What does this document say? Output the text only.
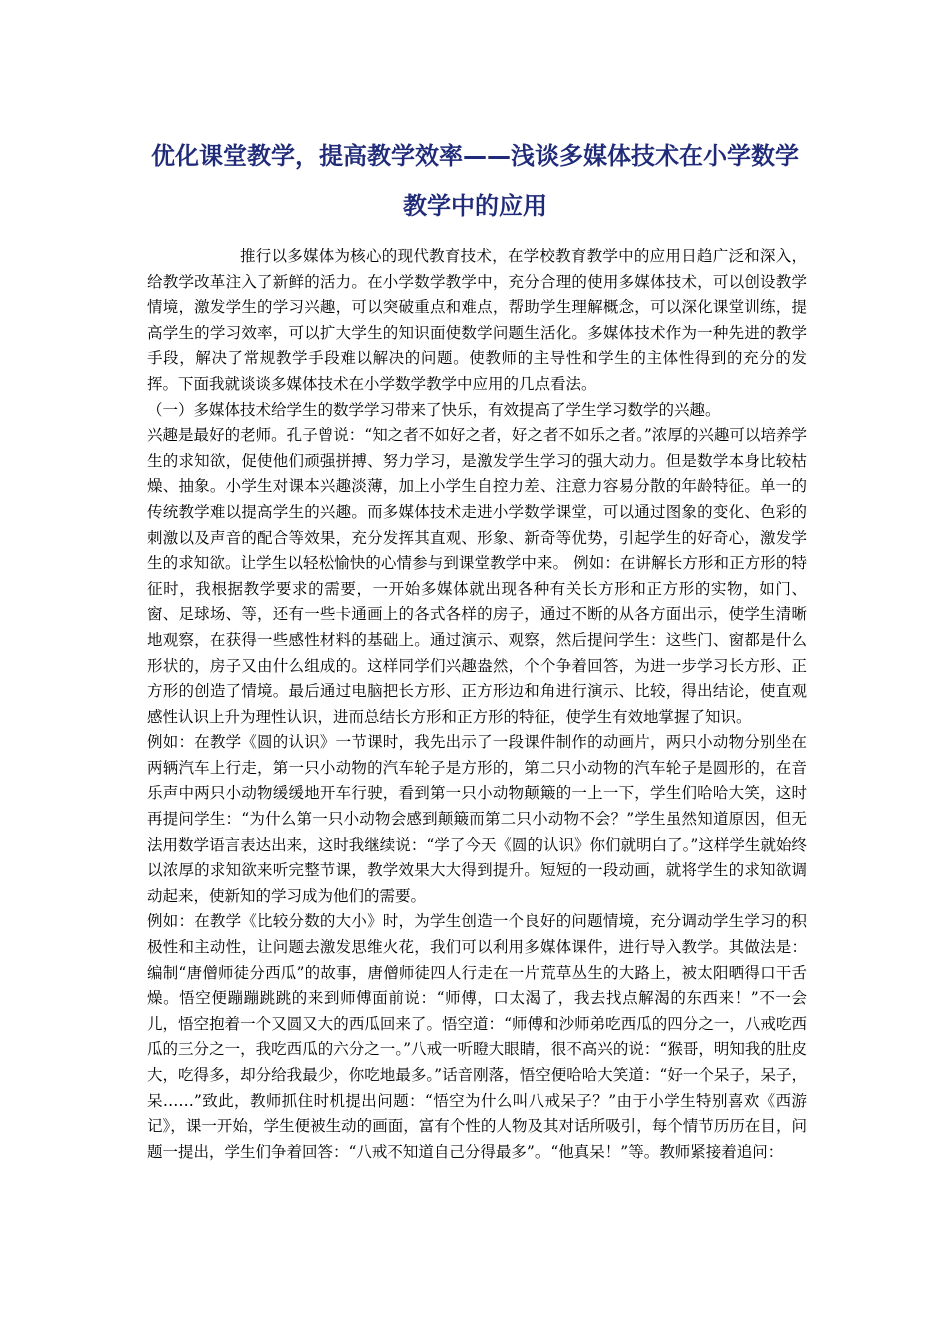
优化课堂教学，提高教学效率——浅谈多媒体技术在小学数学
教学中的应用

推行以多媒体为核心的现代教育技术，在学校教育教学中的应用日趋广泛和深入，给教学改革注入了新鲜的活力。在小学数学教学中，充分合理的使用多媒体技术，可以创设教学情境，激发学生的学习兴趣，可以突破重点和难点，帮助学生理解概念，可以深化课堂训练，提高学生的学习效率，可以扩大学生的知识面使数学问题生活化。多媒体技术作为一种先进的教学手段，解决了常规教学手段难以解决的问题。使教师的主导性和学生的主体性得到的充分的发挥。下面我就谈谈多媒体技术在小学数学教学中应用的几点看法。

（一）多媒体技术给学生的数学学习带来了快乐，有效提高了学生学习数学的兴趣。

兴趣是最好的老师。孔子曾说：“知之者不如好之者，好之者不如乐之者。”浓厚的兴趣可以培养学生的求知欲，促使他们顽强拼搏、努力学习，是激发学生学习的强大动力。但是数学本身比较枯燥、抽象。小学生对课本兴趣淡薄，加上小学生自控力差、注意力容易分散的年龄特征。单一的传统教学难以提高学生的兴趣。而多媒体技术走进小学数学课堂，可以通过图象的变化、色彩的刺激以及声音的配合等效果，充分发挥其直观、形象、新奇等优势，引起学生的好奇心，激发学生的求知欲。让学生以轻松愉快的心情参与到课堂教学中来。 例如：在讲解长方形和正方形的特征时，我根据教学要求的需要，一开始多媒体就出现各种有关长方形和正方形的实物，如门、窗、足球场、等，还有一些卡通画上的各式各样的房子，通过不断的从各方面出示，使学生清晰地观察，在获得一些感性材料的基础上。通过演示、观察，然后提问学生：这些门、窗都是什么形状的，房子又由什么组成的。这样同学们兴趣盎然，个个争着回答，为进一步学习长方形、正方形的创造了情境。最后通过电脑把长方形、正方形边和角进行演示、比较，得出结论，使直观感性认识上升为理性认识，进而总结长方形和正方形的特征，使学生有效地掌握了知识。

例如：在教学《圆的认识》一节课时，我先出示了一段课件制作的动画片，两只小动物分别坐在两辆汽车上行走，第一只小动物的汽车轮子是方形的，第二只小动物的汽车轮子是圆形的，在音乐声中两只小动物缓缓地开车行驶，看到第一只小动物颠簸的一上一下，学生们哈哈大笑，这时再提问学生：“为什么第一只小动物会感到颠簸而第二只小动物不会？”学生虽然知道原因，但无法用数学语言表达出来，这时我继续说：“学了今天《圆的认识》你们就明白了。”这样学生就始终以浓厚的求知欲来听完整节课，教学效果大大得到提升。短短的一段动画，就将学生的求知欲调动起来，使新知的学习成为他们的需要。

例如：在教学《比较分数的大小》时，为学生创造一个良好的问题情境，充分调动学生学习的积极性和主动性，让问题去激发思维火花，我们可以利用多媒体课件，进行导入教学。其做法是：编制“唐僧师徒分西瓜”的故事，唐僧师徒四人行走在一片荒草丛生的大路上，被太阳晒得口干舌燥。悟空便蹦蹦跳跳的来到师傅面前说：“师傅，口太渴了，我去找点解渴的东西来！”不一会儿，悟空抱着一个又圆又大的西瓜回来了。悟空道：“师傅和沙师弟吃西瓜的四分之一，八戒吃西瓜的三分之一，我吃西瓜的六分之一。”八戒一听瞪大眼睛，很不高兴的说：“猴哥，明知我的肚皮大，吃得多，却分给我最少，你吃地最多。”话音刚落，悟空便哈哈大笑道：“好一个呆子，呆子，呆……”致此，教师抓住时机提出问题：“悟空为什么叫八戒呆子？”由于小学生特别喜欢《西游记》，课一开始，学生便被生动的画面，富有个性的人物及其对话所吸引，每个情节历历在目，问题一提出，学生们争着回答：“八戒不知道自己分得最多”。“他真呆！”等。教师紧接着追问：
